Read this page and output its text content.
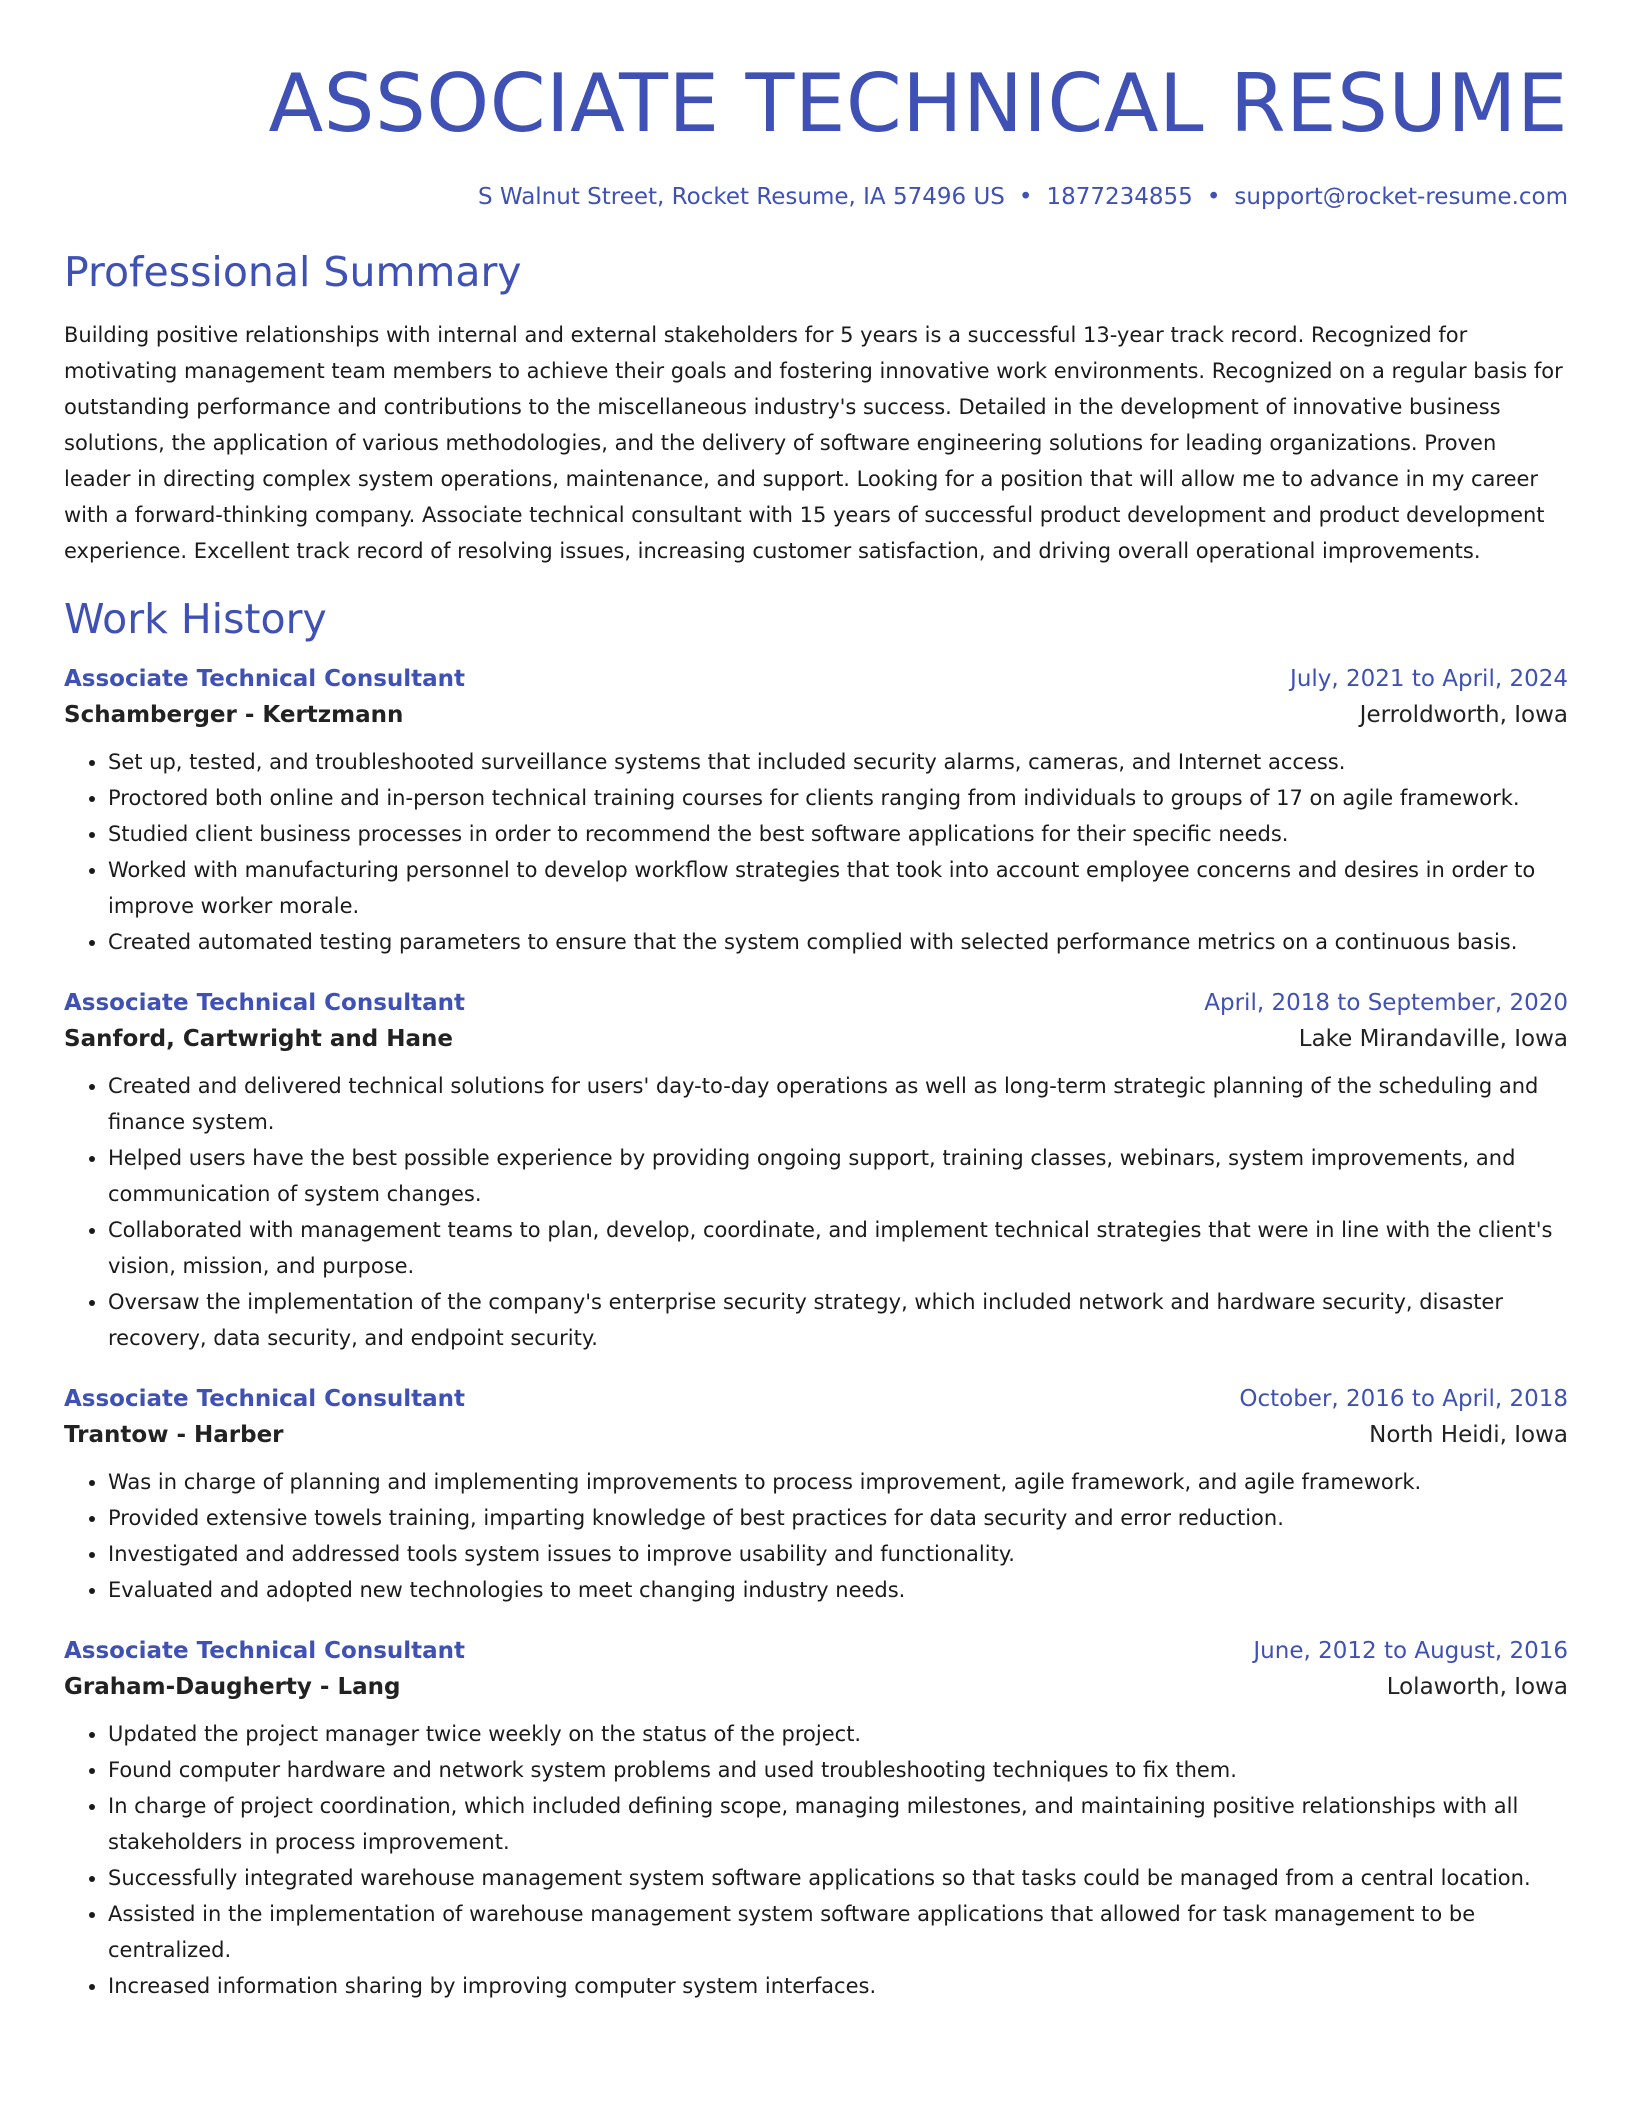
ASSOCIATE TECHNICAL RESUME
S Walnut Street, Rocket Resume, IA 57496 US • 1877234855 • support@rocket-resume.com
Professional Summary

Building positive relationships with internal and external stakeholders for 5 years is a successful 13-year track record. Recognized for motivating management team members to achieve their goals and fostering innovative work environments. Recognized on a regular basis for outstanding performance and contributions to the miscellaneous industry's success. Detailed in the development of innovative business solutions, the application of various methodologies, and the delivery of software engineering solutions for leading organizations. Proven leader in directing complex system operations, maintenance, and support. Looking for a position that will allow me to advance in my career with a forward-thinking company. Associate technical consultant with 15 years of successful product development and product development experience. Excellent track record of resolving issues, increasing customer satisfaction, and driving overall operational improvements.

Work History
Associate Technical Consultant	July, 2021 to April, 2024
Schamberger - Kertzmann	Jerroldworth, Iowa
• Set up, tested, and troubleshooted surveillance systems that included security alarms, cameras, and Internet access.
• Proctored both online and in-person technical training courses for clients ranging from individuals to groups of 17 on agile framework.
• Studied client business processes in order to recommend the best software applications for their specific needs.
• Worked with manufacturing personnel to develop workflow strategies that took into account employee concerns and desires in order to improve worker morale.
• Created automated testing parameters to ensure that the system complied with selected performance metrics on a continuous basis.
Associate Technical Consultant	April, 2018 to September, 2020
Sanford, Cartwright and Hane	Lake Mirandaville, Iowa
• Created and delivered technical solutions for users' day-to-day operations as well as long-term strategic planning of the scheduling and finance system.
• Helped users have the best possible experience by providing ongoing support, training classes, webinars, system improvements, and communication of system changes.
• Collaborated with management teams to plan, develop, coordinate, and implement technical strategies that were in line with the client's vision, mission, and purpose.
• Oversaw the implementation of the company's enterprise security strategy, which included network and hardware security, disaster recovery, data security, and endpoint security.
Associate Technical Consultant	October, 2016 to April, 2018
Trantow - Harber	North Heidi, Iowa
• Was in charge of planning and implementing improvements to process improvement, agile framework, and agile framework.
• Provided extensive towels training, imparting knowledge of best practices for data security and error reduction.
• Investigated and addressed tools system issues to improve usability and functionality.
• Evaluated and adopted new technologies to meet changing industry needs.
Associate Technical Consultant	June, 2012 to August, 2016
Graham-Daugherty - Lang	Lolaworth, Iowa
• Updated the project manager twice weekly on the status of the project.
• Found computer hardware and network system problems and used troubleshooting techniques to fix them.
• In charge of project coordination, which included defining scope, managing milestones, and maintaining positive relationships with all stakeholders in process improvement.
• Successfully integrated warehouse management system software applications so that tasks could be managed from a central location.
• Assisted in the implementation of warehouse management system software applications that allowed for task management to be centralized.
• Increased information sharing by improving computer system interfaces.
